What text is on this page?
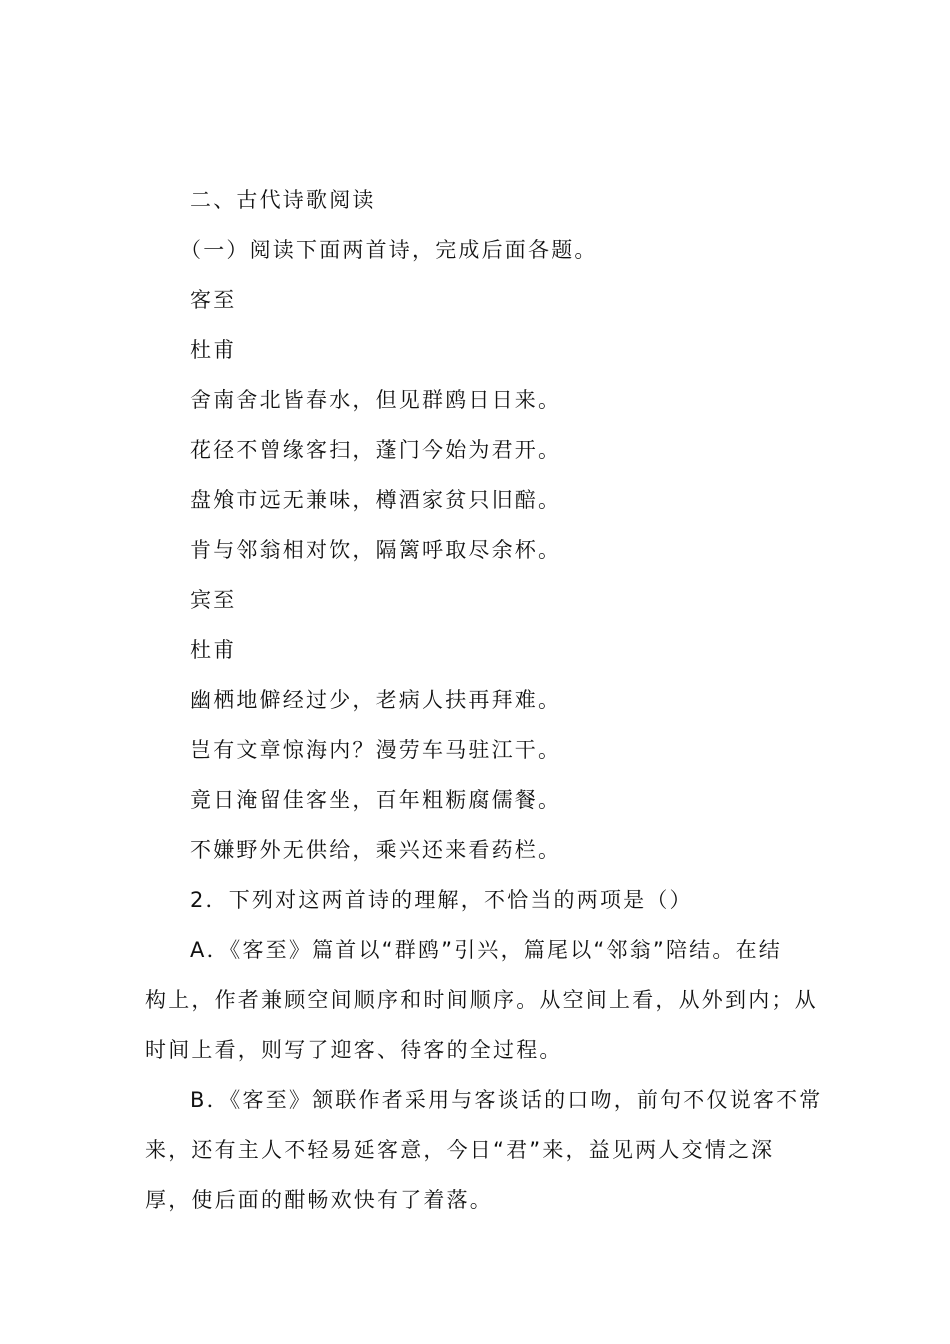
二、古代诗歌阅读
（一）阅读下面两首诗，完成后面各题。
客至
杜甫
舍南舍北皆春水，但见群鸥日日来。
花径不曾缘客扫，蓬门今始为君开。
盘飧市远无兼味，樽酒家贫只旧醅。
肯与邻翁相对饮，隔篱呼取尽余杯。
宾至
杜甫
幽栖地僻经过少，老病人扶再拜难。
岂有文章惊海内？漫劳车马驻江干。
竟日淹留佳客坐，百年粗粝腐儒餐。
不嫌野外无供给，乘兴还来看药栏。
2．下列对这两首诗的理解，不恰当的两项是（）
A．《客至》篇首以“群鸥”引兴，篇尾以“邻翁”陪结。在结
构上，作者兼顾空间顺序和时间顺序。从空间上看，从外到内；从
时间上看，则写了迎客、待客的全过程。
B．《客至》颔联作者采用与客谈话的口吻，前句不仅说客不常
来，还有主人不轻易延客意，今日“君”来，益见两人交情之深
厚，使后面的酣畅欢快有了着落。
